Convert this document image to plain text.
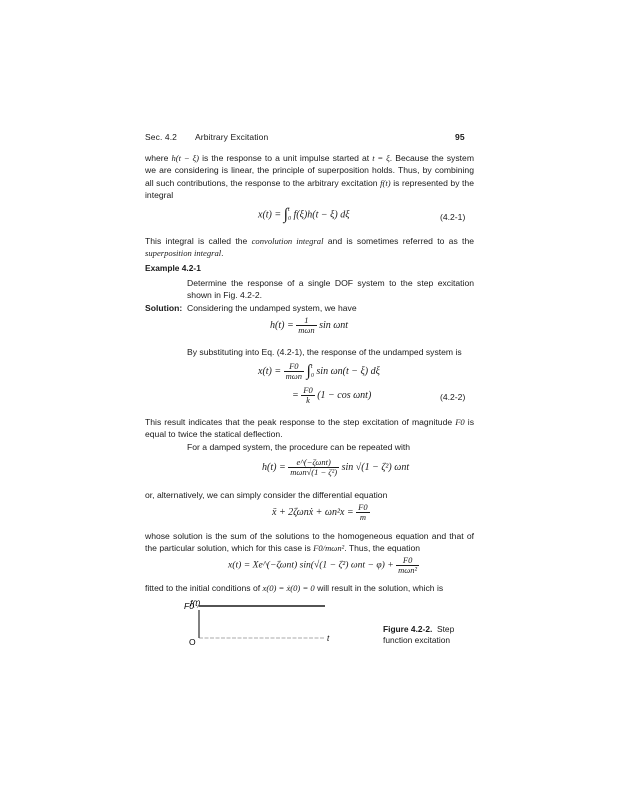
Sec. 4.2 Arbitrary Excitation	95
where h(t − ξ) is the response to a unit impulse started at t = ξ. Because the system we are considering is linear, the principle of superposition holds. Thus, by combining all such contributions, the response to the arbitrary excitation f(t) is represented by the integral
x(t) = ∫ t
0 f(ξ)h(t − ξ) dξ	(4.2-1)
This integral is called the convolution integral and is sometimes referred to as the superposition integral.
Example 4.2-1
Determine the response of a single DOF system to the step excitation shown in Fig. 4.2-2.
Solution: Considering the undamped system, we have
$h(t) = \frac{1}{\text{mωn}}$ sin ωnt
By substituting into Eq. (4.2-1), the response of the undamped system is
$x(t) = \frac{F0}{\text{mωn}}$ ∫ t
0 sin ωn(t − ξ) dξ
= $\frac{F0}{k} (1 - \cos \omega nt)$	(4.2-2)
This result indicates that the peak response to the step excitation of magnitude F0 is equal to twice the statical deflection.
For a damped system, the procedure can be repeated with
$h(t) = \frac{\text{e\textasciicircum{}(−ζωnt)}}{\text{mωn√(1 − ζ²)}}$ sin √(1 − ζ²) ωnt
or, alternatively, we can simply consider the differential equation
ẍ + 2ζωnẋ + $\omega n^2x = \frac{F0}{m}$
whose solution is the sum of the solutions to the homogeneous equation and that of the particular solution, which for this case is F0/mωn². Thus, the equation
x(t) = Xe^(−ζωnt) sin(√(1 − ζ²) $\omega nt - \varphi) + \frac{F0}{\text{mωn²}}$
fitted to the initial conditions of x(0) = ẋ(0) = 0 will result in the solution, which is
f(t)
F0
O	t
Figure 4.2-2. Step function excitation
